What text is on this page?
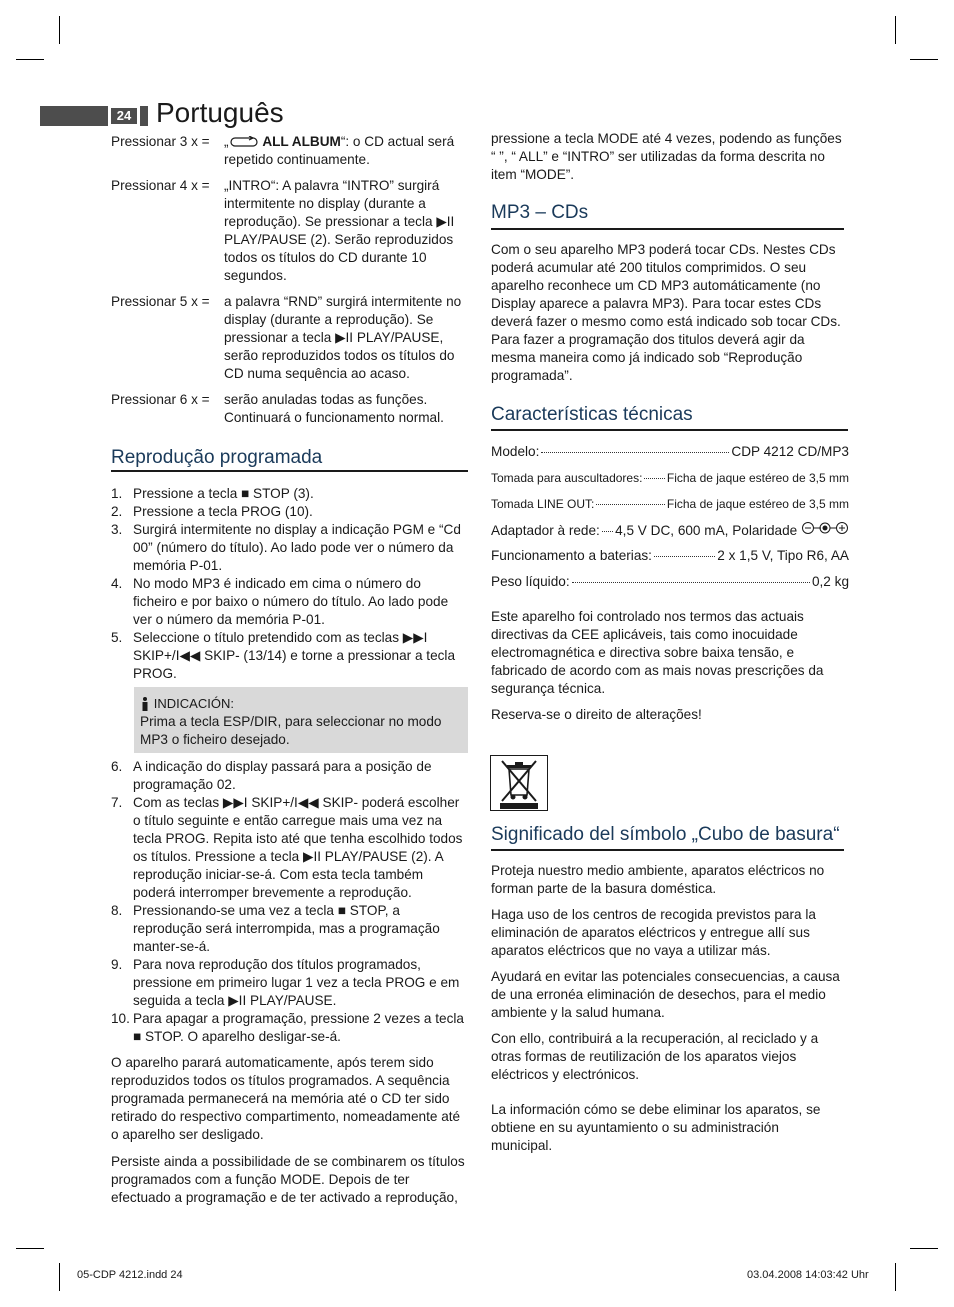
24 Português
Pressionar 3 x =	„ ALL ALBUM“: o CD actual será repetido continuamente.
Pressionar 4 x =	„INTRO“: A palavra “INTRO” surgirá intermitente no display (durante a reprodução). Se pressionar a tecla ▶II PLAY/PAUSE (2). Serão reproduzidos todos os títulos do CD durante 10 segundos.
Pressionar 5 x =	a palavra “RND” surgirá intermitente no display (durante a reprodução). Se pressionar a tecla ▶II PLAY/PAUSE, serão reproduzidos todos os títulos do CD numa sequência ao acaso.
Pressionar 6 x =	serão anuladas todas as funções. Continuará o funcionamento normal.
Reprodução programada
1. Pressione a tecla ■ STOP (3).
2. Pressione a tecla PROG (10).
3. Surgirá intermitente no display a indicação PGM e “Cd 00” (número do título). Ao lado pode ver o número da memória P-01.
4. No modo MP3 é indicado em cima o número do ficheiro e por baixo o número do título. Ao lado pode ver o número da memória P-01.
5. Seleccione o título pretendido com as teclas ▶▶I SKIP+/I◀◀ SKIP- (13/14) e torne a pressionar a tecla PROG.
INDICACIÓN:
Prima a tecla ESP/DIR, para seleccionar no modo MP3 o ficheiro desejado.
6. A indicação do display passará para a posição de programação 02.
7. Com as teclas ▶▶I SKIP+/I◀◀ SKIP- poderá escolher o título seguinte e então carregue mais uma vez na tecla PROG. Repita isto até que tenha escolhido todos os títulos. Pressione a tecla ▶II PLAY/PAUSE (2). A reprodução iniciar-se-á. Com esta tecla também poderá interromper brevemente a reprodução.
8. Pressionando-se uma vez a tecla ■ STOP, a reprodução será interrompida, mas a programação manter-se-á.
9. Para nova reprodução dos títulos programados, pressione em primeiro lugar 1 vez a tecla PROG e em seguida a tecla ▶II PLAY/PAUSE.
10. Para apagar a programação, pressione 2 vezes a tecla ■ STOP. O aparelho desligar-se-á.
O aparelho parará automaticamente, após terem sido reproduzidos todos os títulos programados. A sequência programada permanecerá na memória até o CD ter sido retirado do respectivo compartimento, nomeadamente até o aparelho ser desligado.
Persiste ainda a possibilidade de se combinarem os títulos programados com a função MODE. Depois de ter efectuado a programação e de ter activado a reprodução,
pressione a tecla MODE até 4 vezes, podendo as funções “ ”, “ ALL” e “INTRO” ser utilizadas da forma descrita no item “MODE”.
MP3 – CDs
Com o seu aparelho MP3 poderá tocar CDs. Nestes CDs poderá acumular até 200 titulos comprimidos. O seu aparelho reconhece um CD MP3 automáticamente (no Display aparece a palavra MP3). Para tocar estes CDs deverá fazer o mesmo como está indicado sob tocar CDs. Para fazer a programação dos titulos deverá agir da mesma maneira como já indicado sob “Reprodução programada”.
Características técnicas
Modelo:	CDP 4212 CD/MP3
Tomada para auscultadores: Ficha de jaque estéreo de 3,5 mm
Tomada LINE OUT:	Ficha de jaque estéreo de 3,5 mm
Adaptador à rede: 4,5 V DC, 600 mA, Polaridade

Funcionamento a baterias:	2 x 1,5 V, Tipo R6, AA
Peso líquido:	0,2 kg
Este aparelho foi controlado nos termos das actuais directivas da CEE aplicáveis, tais como inocuidade electromagnética e directiva sobre baixa tensão, e fabricado de acordo com as mais novas prescrições da segurança técnica.
Reserva-se o direito de alterações!
Significado del símbolo „Cubo de basura“
Proteja nuestro medio ambiente, aparatos eléctricos no forman parte de la basura doméstica.
Haga uso de los centros de recogida previstos para la eliminación de aparatos eléctricos y entregue allí sus aparatos eléctricos que no vaya a utilizar más.
Ayudará en evitar las potenciales consecuencias, a causa de una erronéa eliminación de desechos, para el medio ambiente y la salud humana.
Con ello, contribuirá a la recuperación, al reciclado y a otras formas de reutilización de los aparatos viejos eléctricos y electrónicos.
La información cómo se debe eliminar los aparatos, se obtiene en su ayuntamiento o su administración municipal.
05-CDP 4212.indd 24	03.04.2008 14:03:42 Uhr
